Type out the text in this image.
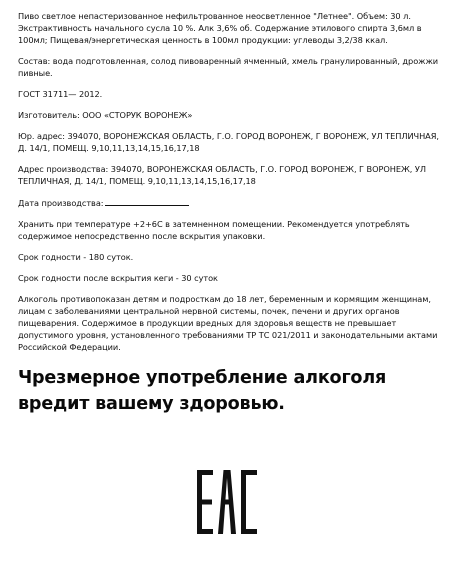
Пиво светлое непастеризованное нефильтрованное неосветленное "Летнее". Объем: 30 л. Экстрактивность начального сусла 10 %. Алк 3,6% об. Содержание этилового спирта 3,6мл в 100мл; Пищевая/энергетическая ценность в 100мл продукции: углеводы 3,2/38 ккал.

Состав: вода подготовленная, солод пивоваренный ячменный, хмель гранулированный, дрожжи пивные.

ГОСТ 31711— 2012.

Изготовитель: ООО «СТОРУК ВОРОНЕЖ»

Юр. адрес: 394070, ВОРОНЕЖСКАЯ ОБЛАСТЬ, Г.О. ГОРОД ВОРОНЕЖ, Г ВОРОНЕЖ, УЛ ТЕПЛИЧНАЯ, Д. 14/1, ПОМЕЩ. 9,10,11,13,14,15,16,17,18

Адрес производства: 394070, ВОРОНЕЖСКАЯ ОБЛАСТЬ, Г.О. ГОРОД ВОРОНЕЖ, Г ВОРОНЕЖ, УЛ ТЕПЛИЧНАЯ, Д. 14/1, ПОМЕЩ. 9,10,11,13,14,15,16,17,18

Дата производства:

Хранить при температуре +2+6С в затемненном помещении. Рекомендуется употреблять содержимое непосредственно после вскрытия упаковки.

Срок годности - 180 суток.

Срок годности после вскрытия кеги - 30 суток

Алкоголь противопоказан детям и подросткам до 18 лет, беременным и кормящим женщинам, лицам с заболеваниями центральной нервной системы, почек, печени и других органов пищеварения. Содержимое в продукции вредных для здоровья веществ не превышает допустимого уровня, установленного требованиями ТР ТС 021/2011 и законодательными актами Российской Федерации.

Чрезмерное употребление алкоголя вредит вашему здоровью.
